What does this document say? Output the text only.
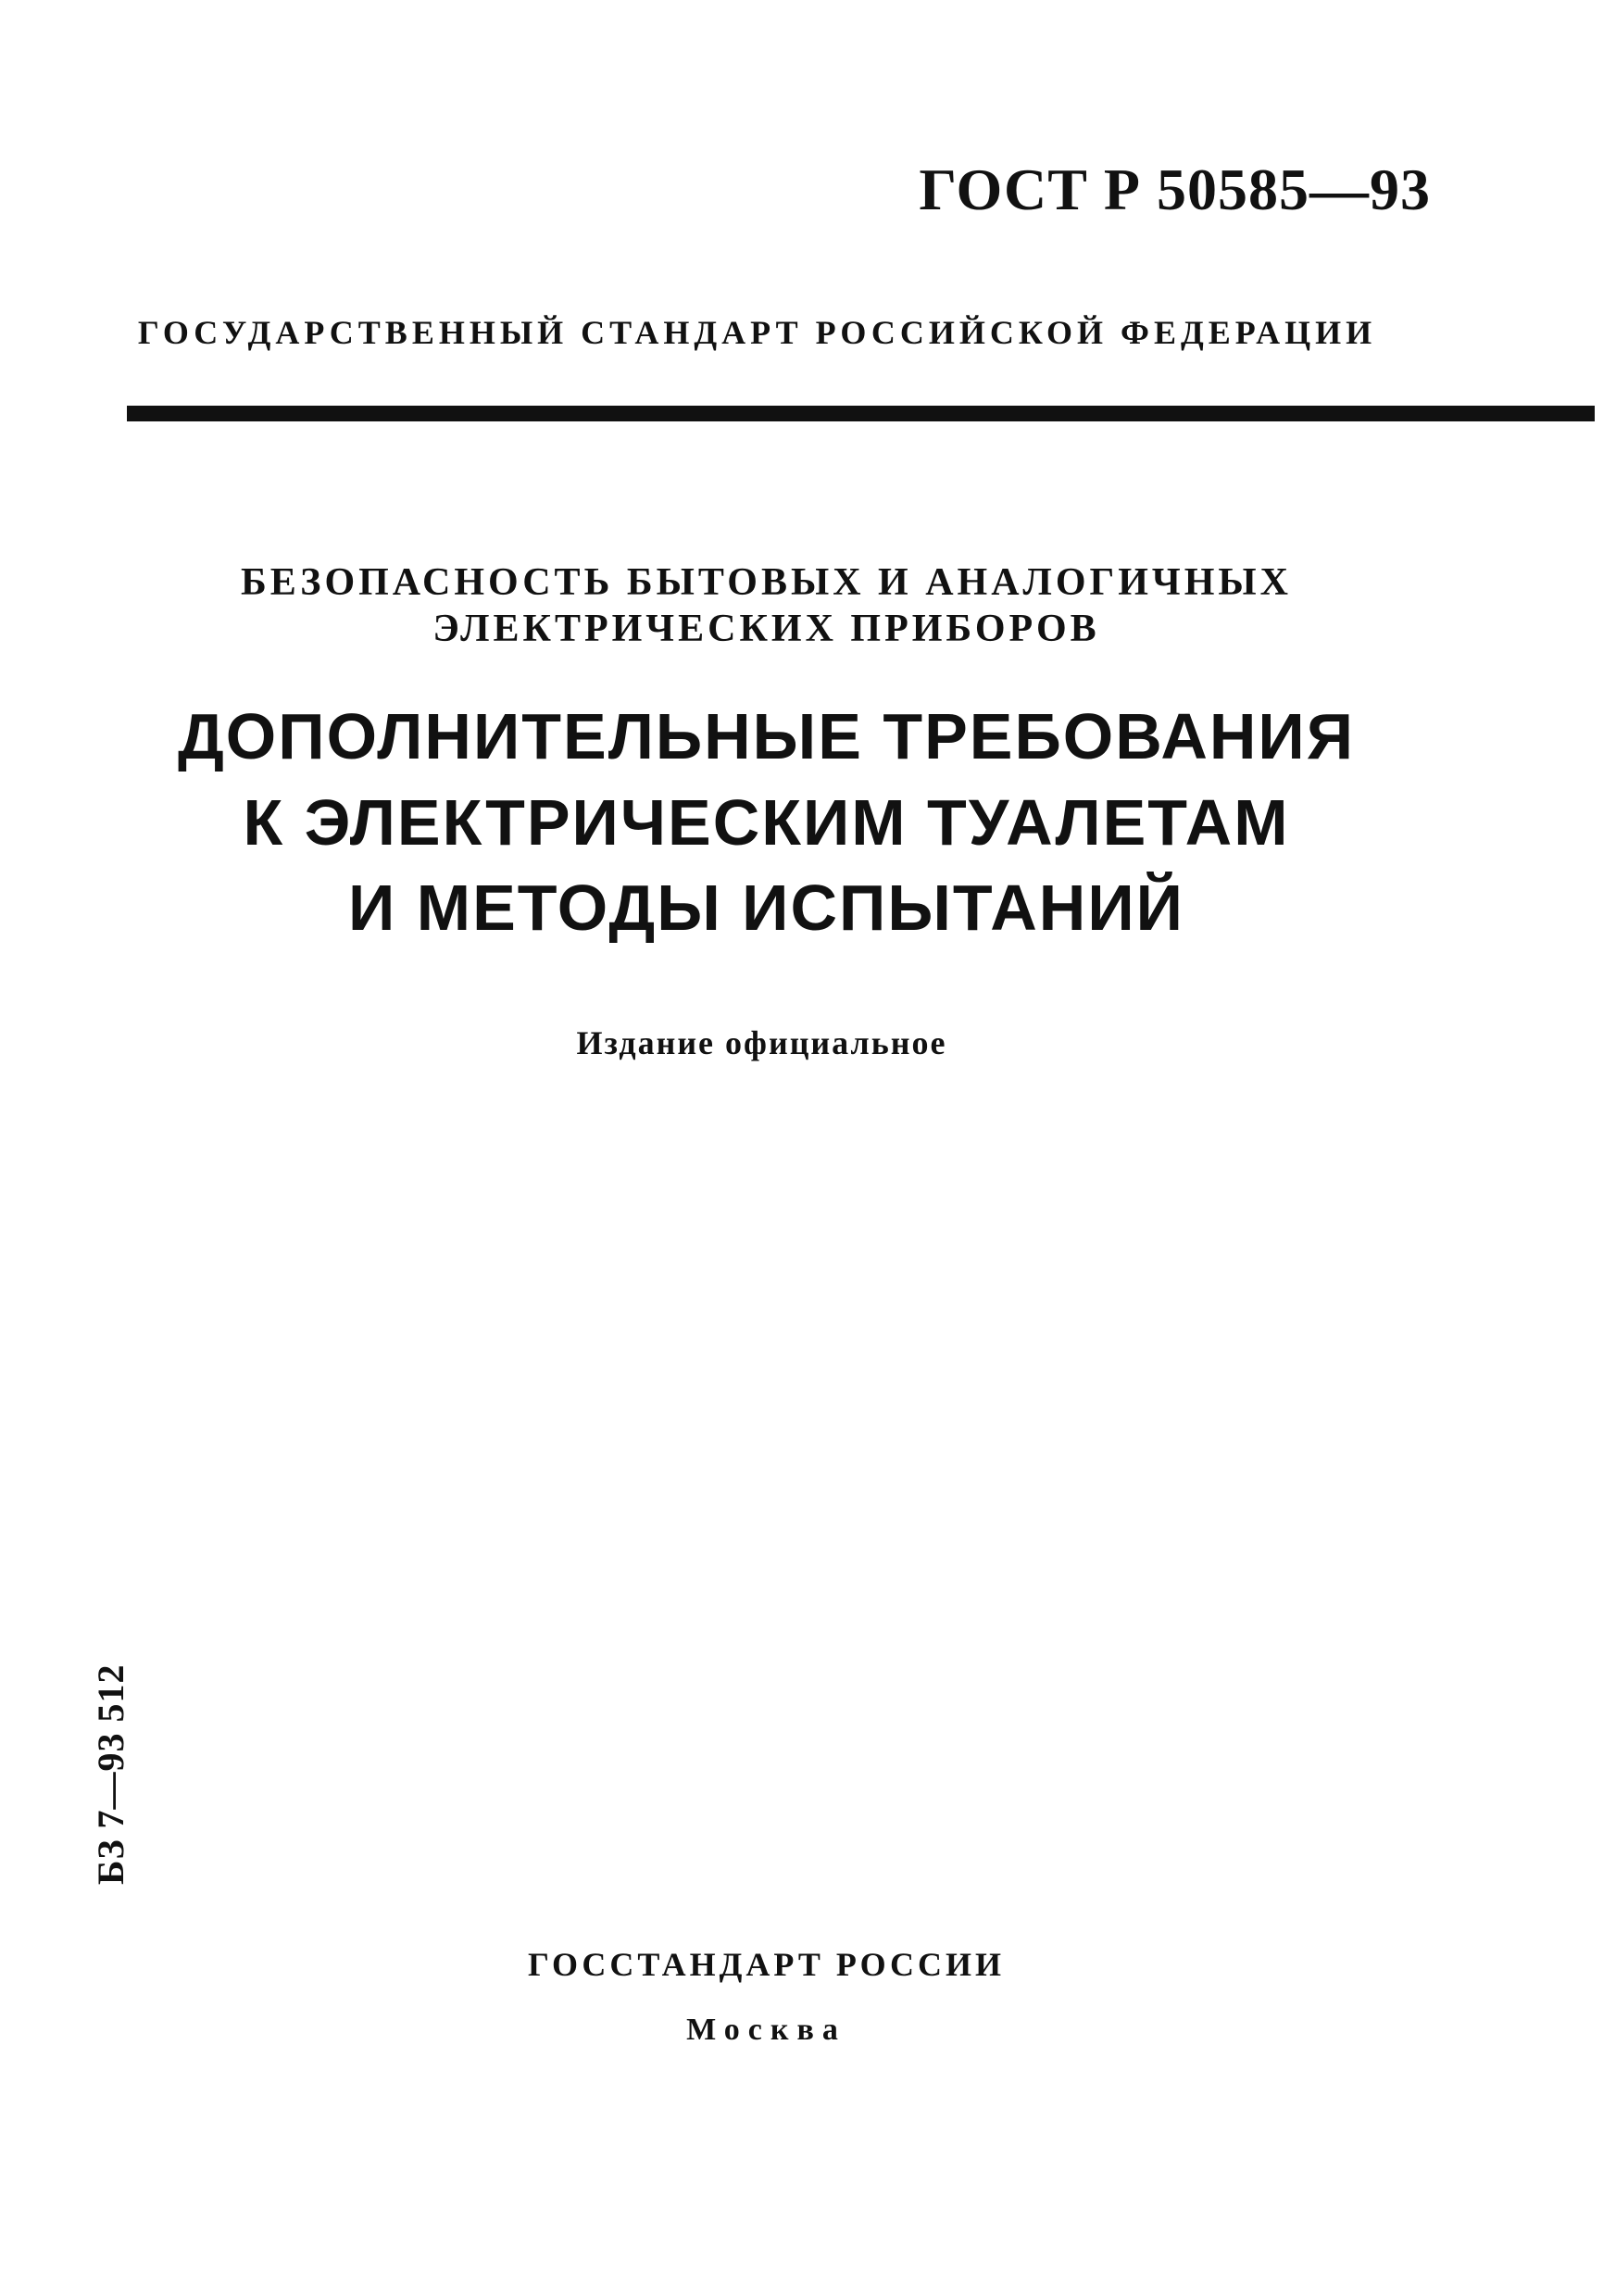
ГОСТ Р 50585—93
ГОСУДАРСТВЕННЫЙ СТАНДАРТ РОССИЙСКОЙ ФЕДЕРАЦИИ
БЕЗОПАСНОСТЬ БЫТОВЫХ И АНАЛОГИЧНЫХ
ЭЛЕКТРИЧЕСКИХ ПРИБОРОВ
ДОПОЛНИТЕЛЬНЫЕ ТРЕБОВАНИЯ
К ЭЛЕКТРИЧЕСКИМ ТУАЛЕТАМ
И МЕТОДЫ ИСПЫТАНИЙ
Издание официальное
БЗ 7—93 512
ГОССТАНДАРТ РОССИИ
Москва
